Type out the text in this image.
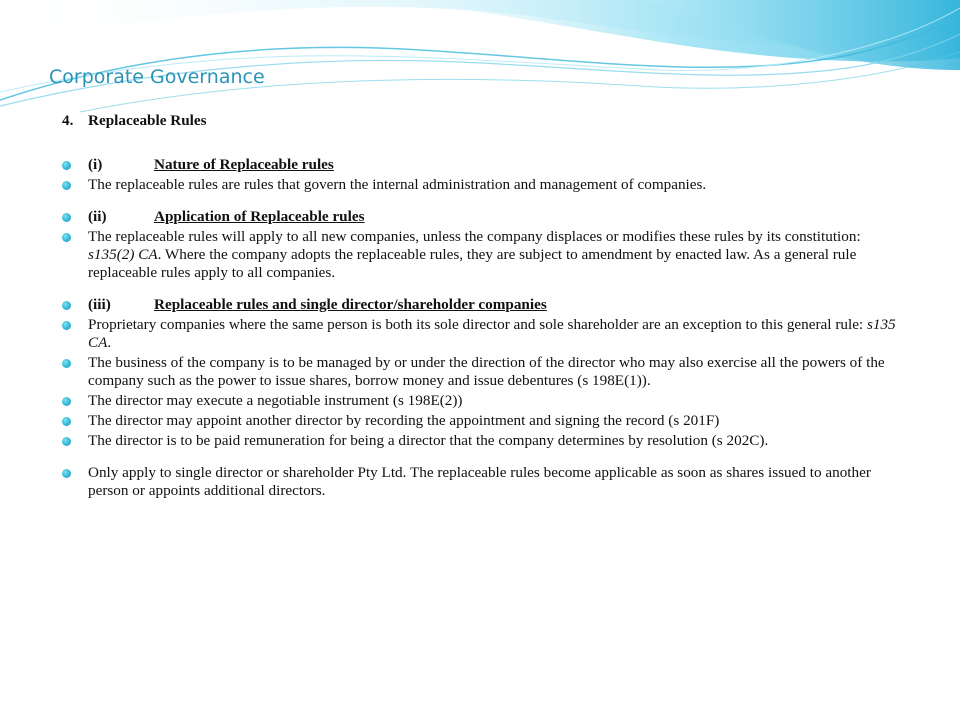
Corporate Governance
4. Replaceable Rules
(i)	Nature of Replaceable rules
The replaceable rules are rules that govern the internal administration and management of companies.
(ii)	Application of Replaceable rules
The replaceable rules will apply to all new companies, unless the company displaces or modifies these rules by its constitution: s135(2) CA. Where the company adopts the replaceable rules, they are subject to amendment by enacted law. As a general rule replaceable rules apply to all companies.
(iii)	Replaceable rules and single director/shareholder companies
Proprietary companies where the same person is both its sole director and sole shareholder are an exception to this general rule: s135 CA.
The business of the company is to be managed by or under the direction of the director who may also exercise all the powers of the company such as the power to issue shares, borrow money and issue debentures (s 198E(1)).
The director may execute a negotiable instrument (s 198E(2))
The director may appoint another director by recording the appointment and signing the record (s 201F)
The director is to be paid remuneration for being a director that the company determines by resolution (s 202C).
Only apply to single director or shareholder Pty Ltd. The replaceable rules become applicable as soon as shares issued to another person or appoints additional directors.
